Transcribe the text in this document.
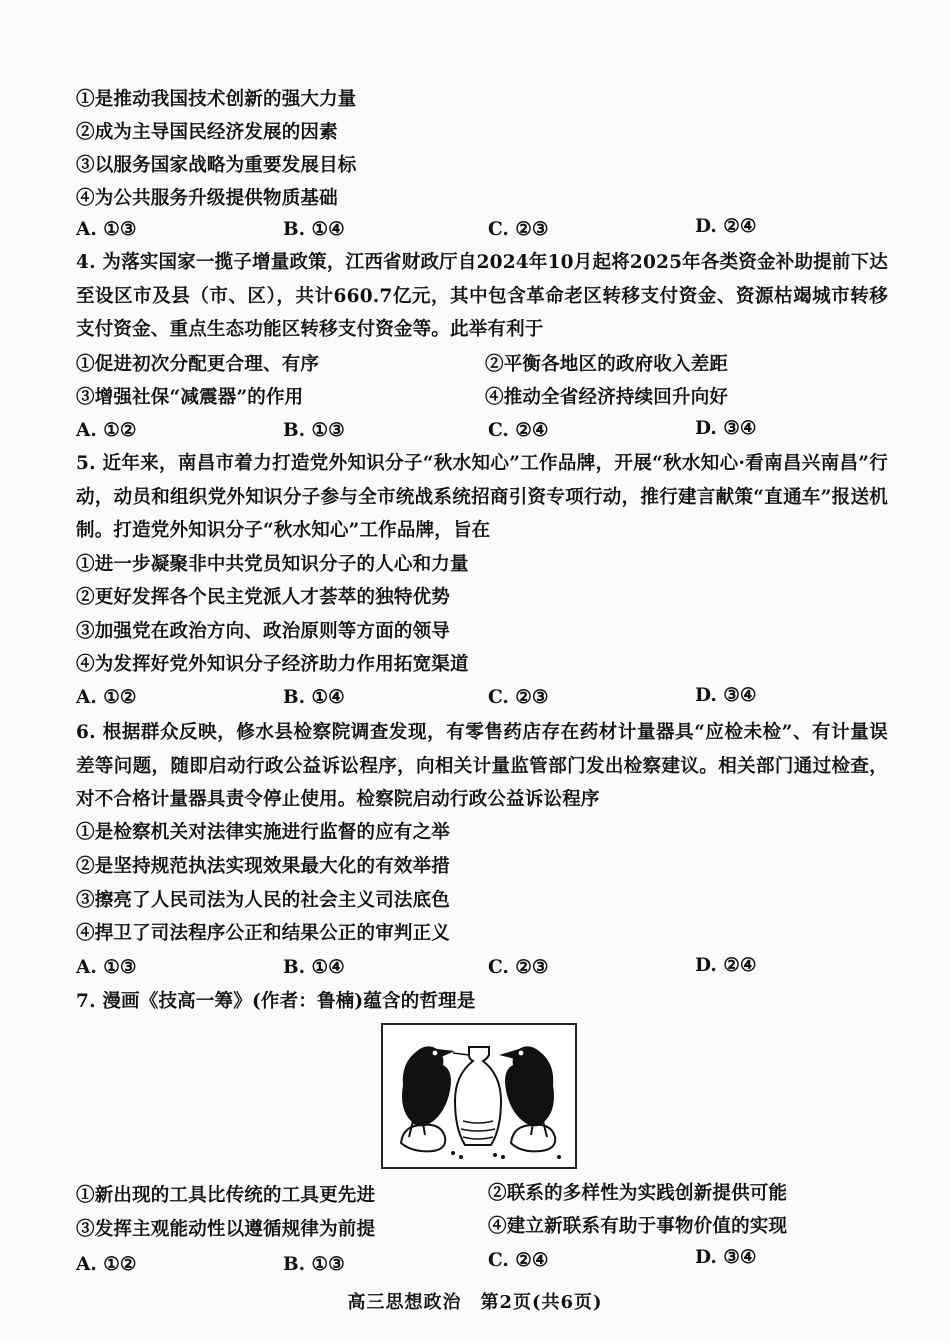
①是推动我国技术创新的强大力量
②成为主导国民经济发展的因素
③以服务国家战略为重要发展目标
④为公共服务升级提供物质基础
A. ①③	B. ①④	C. ②③	D. ②④
4. 为落实国家一揽子增量政策，江西省财政厅自2024年10月起将2025年各类资金补助提前下达至设区市及县（市、区），共计660.7亿元，其中包含革命老区转移支付资金、资源枯竭城市转移支付资金、重点生态功能区转移支付资金等。此举有利于
①促进初次分配更合理、有序	②平衡各地区的政府收入差距
③增强社保“减震器”的作用	④推动全省经济持续回升向好
A. ①②	B. ①③	C. ②④	D. ③④
5. 近年来，南昌市着力打造党外知识分子“秋水知心”工作品牌，开展“秋水知心·看南昌兴南昌”行动，动员和组织党外知识分子参与全市统战系统招商引资专项行动，推行建言献策“直通车”报送机制。打造党外知识分子“秋水知心”工作品牌，旨在
①进一步凝聚非中共党员知识分子的人心和力量
②更好发挥各个民主党派人才荟萃的独特优势
③加强党在政治方向、政治原则等方面的领导
④为发挥好党外知识分子经济助力作用拓宽渠道
A. ①②	B. ①④	C. ②③	D. ③④
6. 根据群众反映，修水县检察院调查发现，有零售药店存在药材计量器具“应检未检”、有计量误差等问题，随即启动行政公益诉讼程序，向相关计量监管部门发出检察建议。相关部门通过检查，对不合格计量器具责令停止使用。检察院启动行政公益诉讼程序
①是检察机关对法律实施进行监督的应有之举
②是坚持规范执法实现效果最大化的有效举措
③擦亮了人民司法为人民的社会主义司法底色
④捍卫了司法程序公正和结果公正的审判正义
A. ①③	B. ①④	C. ②③	D. ②④
7. 漫画《技高一筹》(作者：鲁楠)蕴含的哲理是
①新出现的工具比传统的工具更先进	②联系的多样性为实践创新提供可能
③发挥主观能动性以遵循规律为前提	④建立新联系有助于事物价值的实现
A. ①②	B. ①③	C. ②④	D. ③④
高三思想政治　第2页(共6页)
